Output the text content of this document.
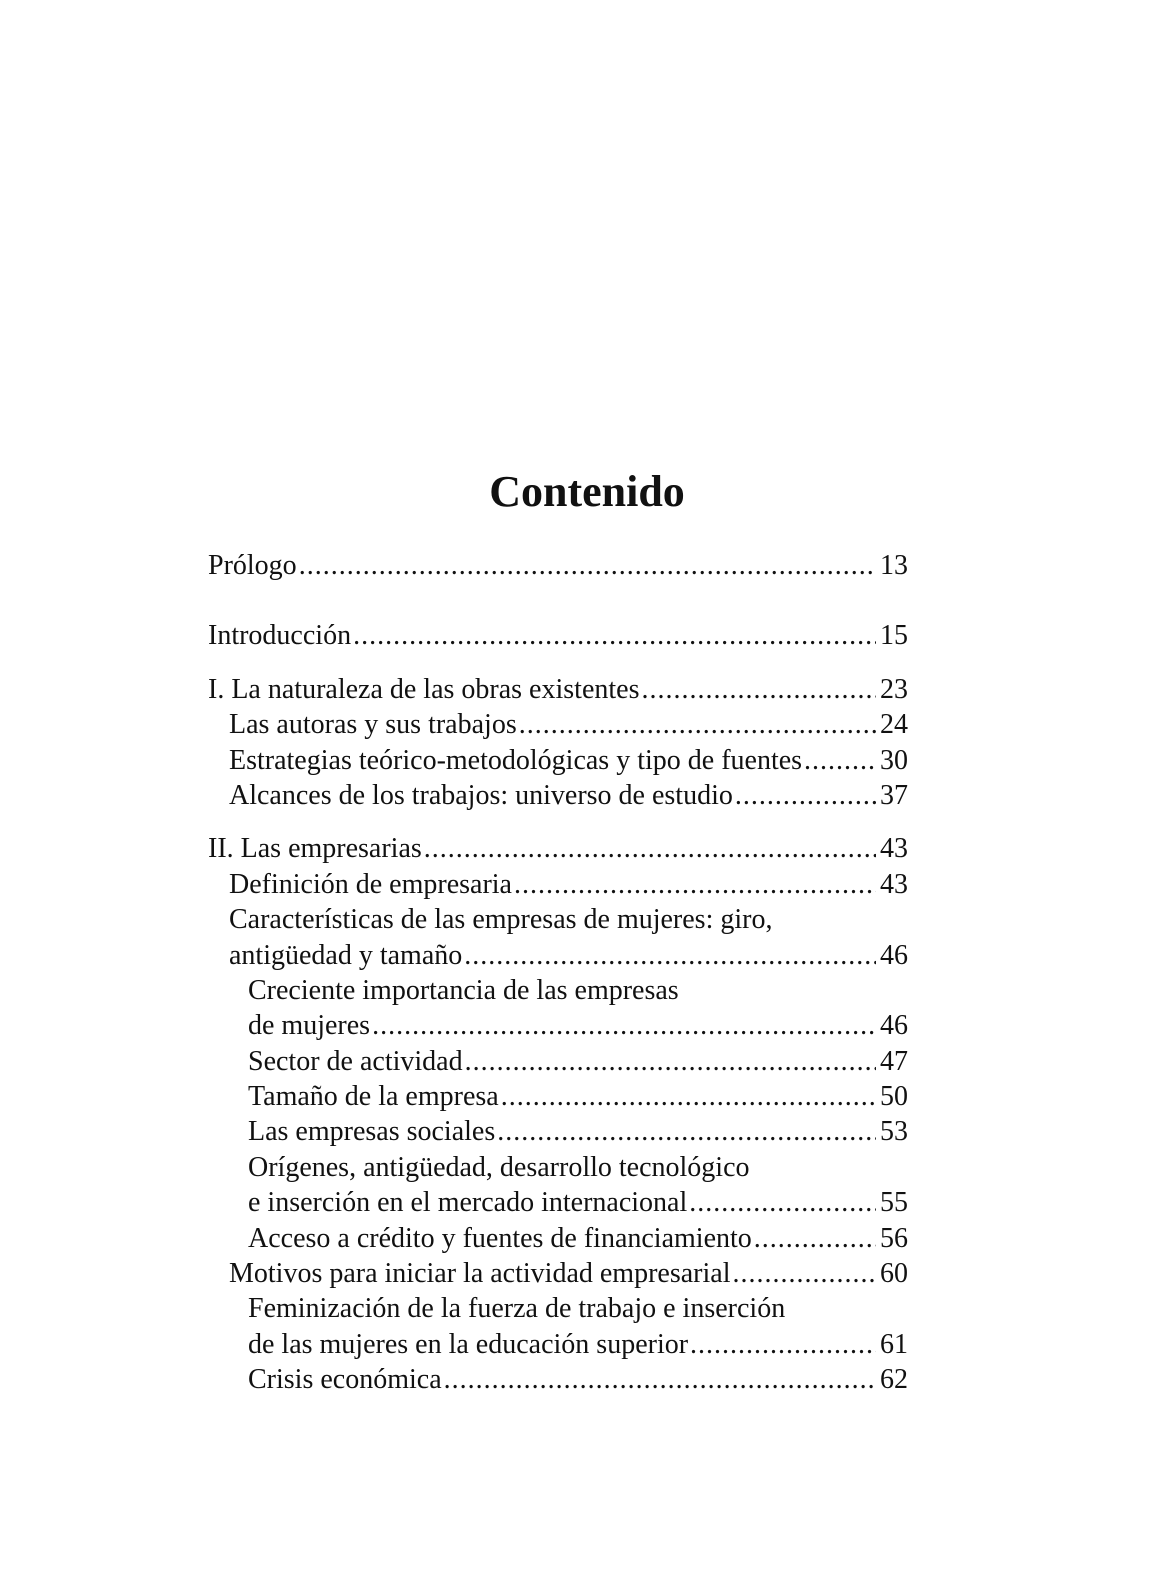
Contenido
Prólogo .....	13
Introducción .....	15
I. La naturaleza de las obras existentes .....	23
Las autoras y sus trabajos .....	24
Estrategias teórico-metodológicas y tipo de fuentes .....	30
Alcances de los trabajos: universo de estudio .....	37
II. Las empresarias .....	43
Definición de empresaria .....	43
Características de las empresas de mujeres: giro,
antigüedad y tamaño .....	46
Creciente importancia de las empresas
de mujeres .....	46
Sector de actividad .....	47
Tamaño de la empresa .....	50
Las empresas sociales .....	53
Orígenes, antigüedad, desarrollo tecnológico
e inserción en el mercado internacional .....	55
Acceso a crédito y fuentes de financiamiento .....	56
Motivos para iniciar la actividad empresarial .....	60
Feminización de la fuerza de trabajo e inserción
de las mujeres en la educación superior .....	61
Crisis económica .....	62
